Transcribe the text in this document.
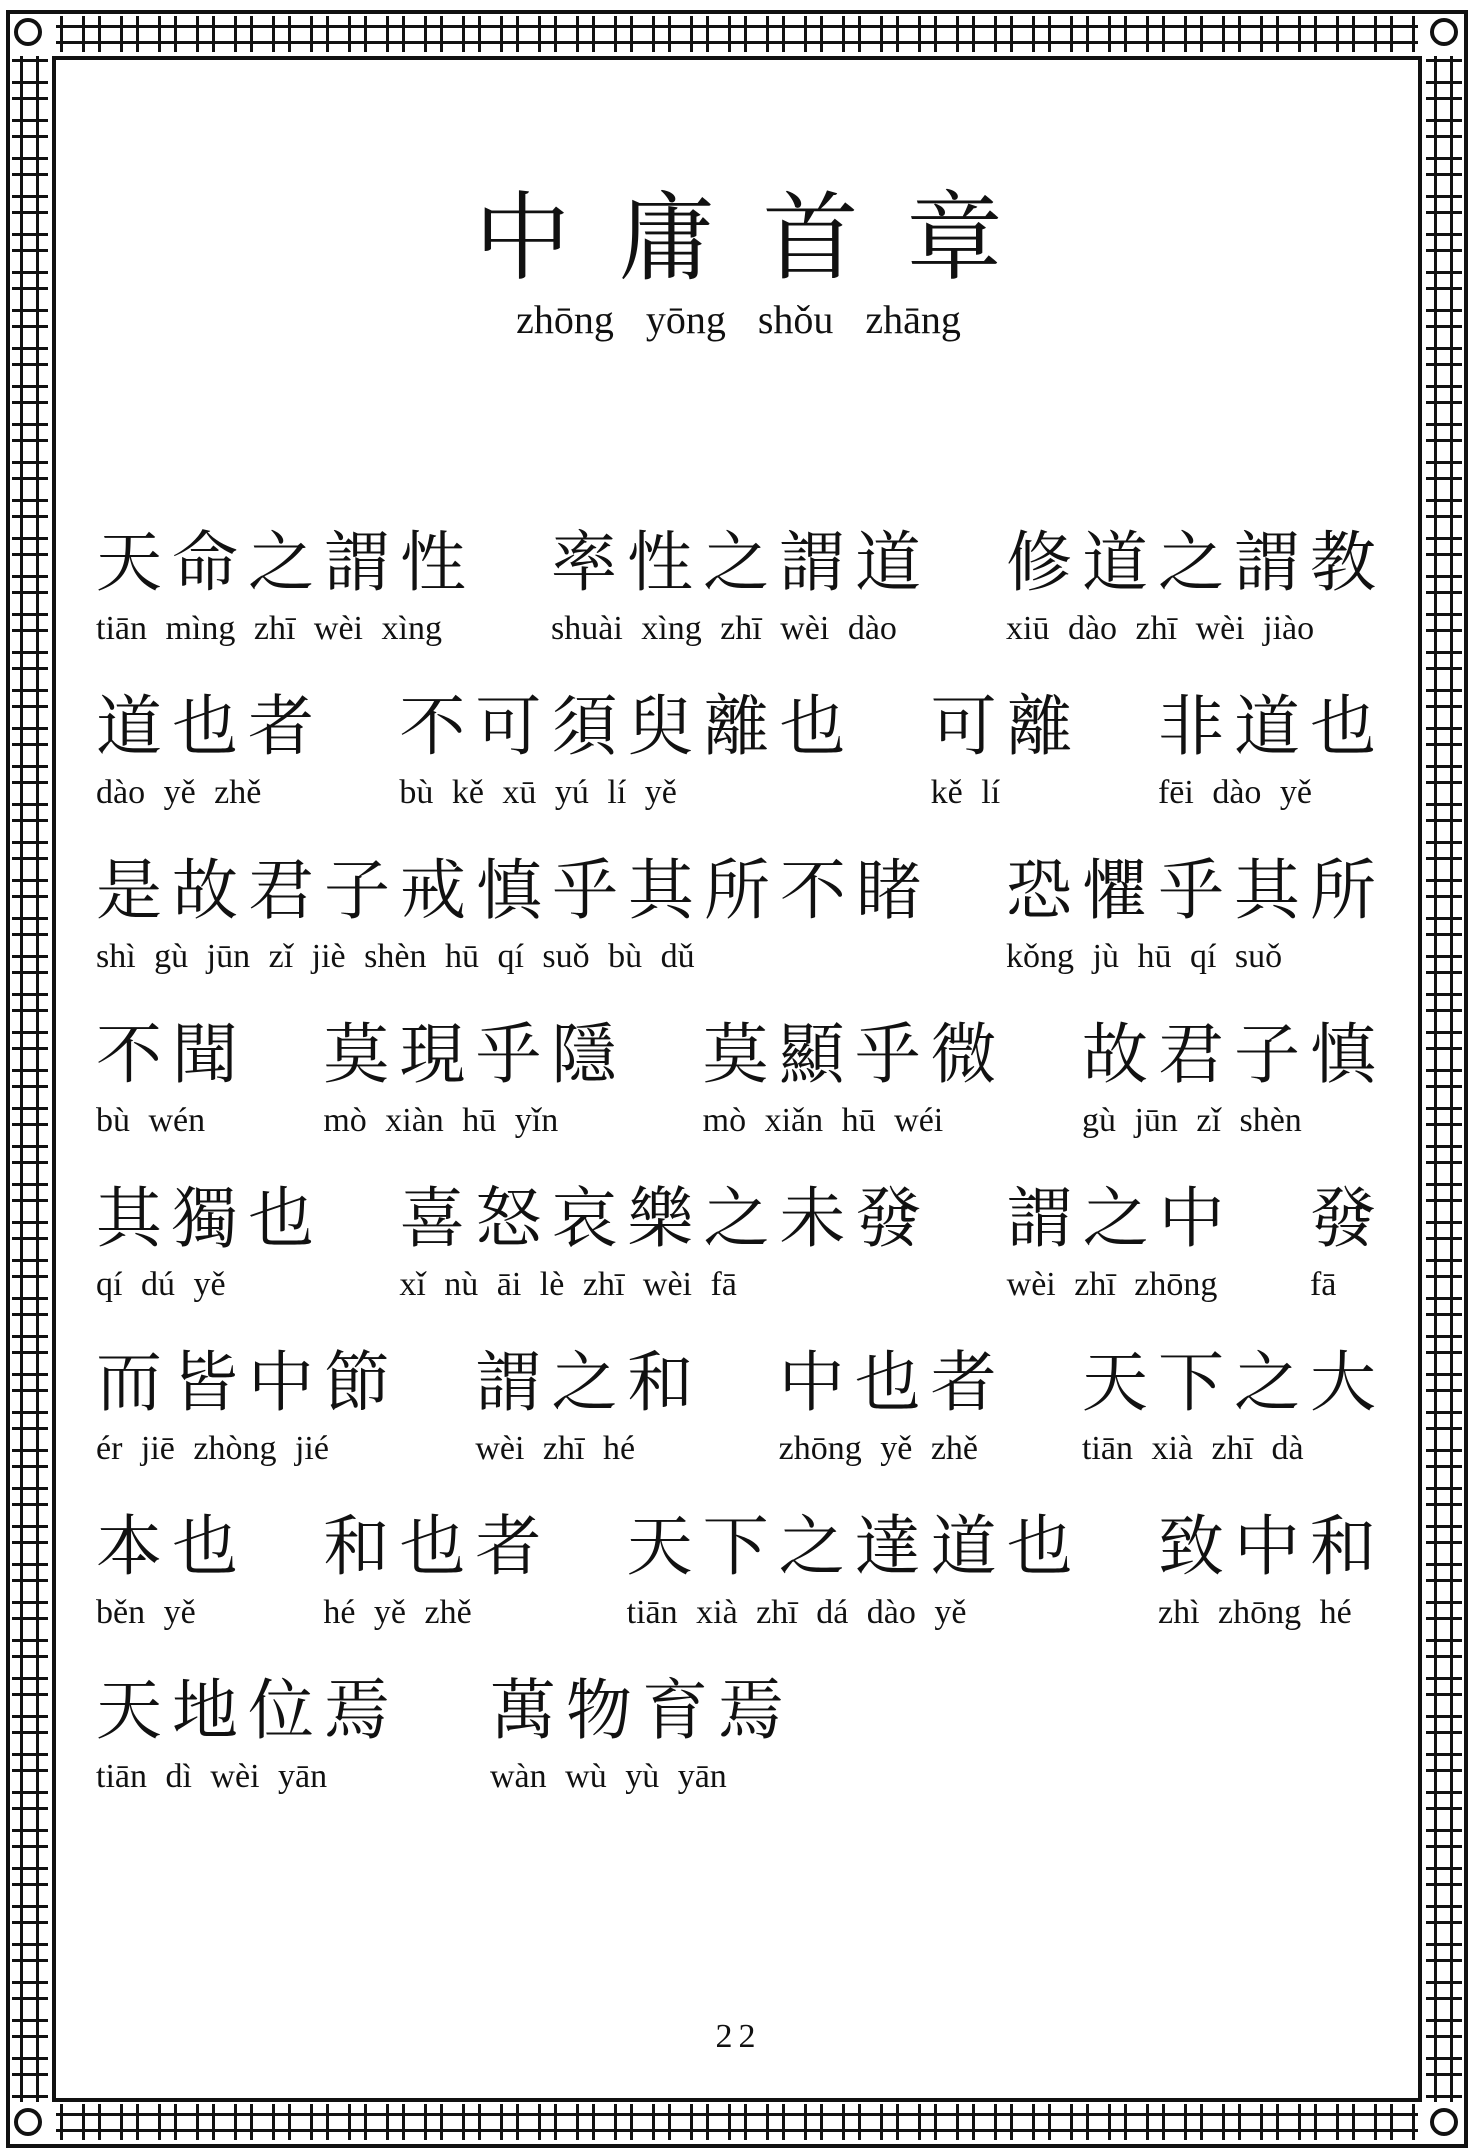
中庸首章
zhōng yōng shǒu zhāng
天命之謂性
tiān mìng zhī wèi xìng
率性之謂道
shuài xìng zhī wèi dào
修道之謂教
xiū dào zhī wèi jiào
道也者
dào yě zhě
不可須臾離也
bù kě xū yú lí yě
可離
kě lí
非道也
fēi dào yě
是故君子戒慎乎其所不睹
shì gù jūn zǐ jiè shèn hū qí suǒ bù dǔ
恐懼乎其所
kǒng jù hū qí suǒ
不聞
bù wén
莫現乎隱
mò xiàn hū yǐn
莫顯乎微
mò xiǎn hū wéi
故君子慎
gù jūn zǐ shèn
其獨也
qí dú yě
喜怒哀樂之未發
xǐ nù āi lè zhī wèi fā
謂之中
wèi zhī zhōng
發
fā
而皆中節
ér jiē zhòng jié
謂之和
wèi zhī hé
中也者
zhōng yě zhě
天下之大
tiān xià zhī dà
本也
běn yě
和也者
hé yě zhě
天下之達道也
tiān xià zhī dá dào yě
致中和
zhì zhōng hé
天地位焉
tiān dì wèi yān
萬物育焉
wàn wù yù yān
22
